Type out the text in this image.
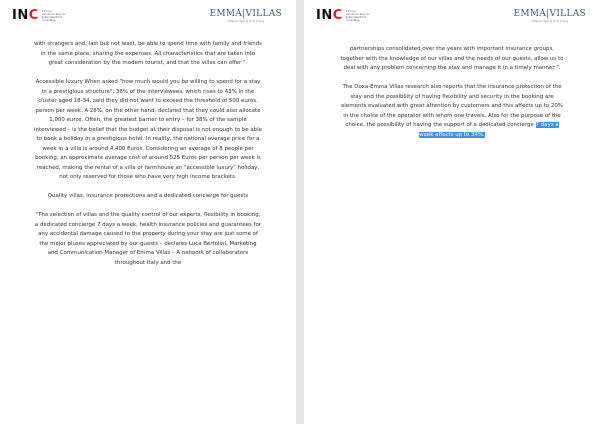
INC Internal Communication & Public Relations Consulting
EMMA|VILLAS
Villas in Italy & Fine Living

with strangers and, last but not least, be able to spend time with family and friends in the same place, sharing the expenses. All characteristics that are taken into great consideration by the modern tourist, and that the villas can offer ".

Accessible luxury When asked "how much would you be willing to spend for a stay in a prestigious structure", 36% of the interviewees, which rises to 43% in the cluster aged 18-34, said they did not want to exceed the threshold of 500 euros. person per week. A 28%, on the other hand, declared that they could also allocate 1,000 euros. Often, the greatest barrier to entry – for 38% of the sample interviewed – is the belief that the budget at their disposal is not enough to be able to book a holiday in a prestigious hotel. In reality, the national average price for a week in a villa is around 4,400 Euros. Considering an average of 8 people per booking, an approximate average cost of around 525 Euros per person per week is reached, making the rental of a villa or farmhouse an "accessible luxury" holiday, not only reserved for those who have very high income brackets.

Quality villas, insurance protections and a dedicated concierge for guests

"The selection of villas and the quality control of our experts, flexibility in booking, a dedicated concierge 7 days a week, health insurance policies and guarantees for any accidental damage caused to the property during your stay are just some of the major pluses appreciated by our guests – declares Luca Bertolini, Marketing and Communication Manager of Emma Villas – A network of collaborators throughout Italy and the

INC Internal Communication & Public Relations Consulting
EMMA|VILLAS
Villas in Italy & Fine Living

partnerships consolidated over the years with important insurance groups, together with the knowledge of our villas and the needs of our guests, allow us to deal with any problem concerning the stay and manage it in a timely manner ".

The Doxa-Emma Villas research also reports that the insurance protection of the stay and the possibility of having flexibility and security in the booking are elements evaluated with great attention by customers and this affects up to 20% in the choice of the operator with whom one travels. Also for the purpose of the choice, the possibility of having the support of a dedicated concierge 7 days a week affects up to 34%.
